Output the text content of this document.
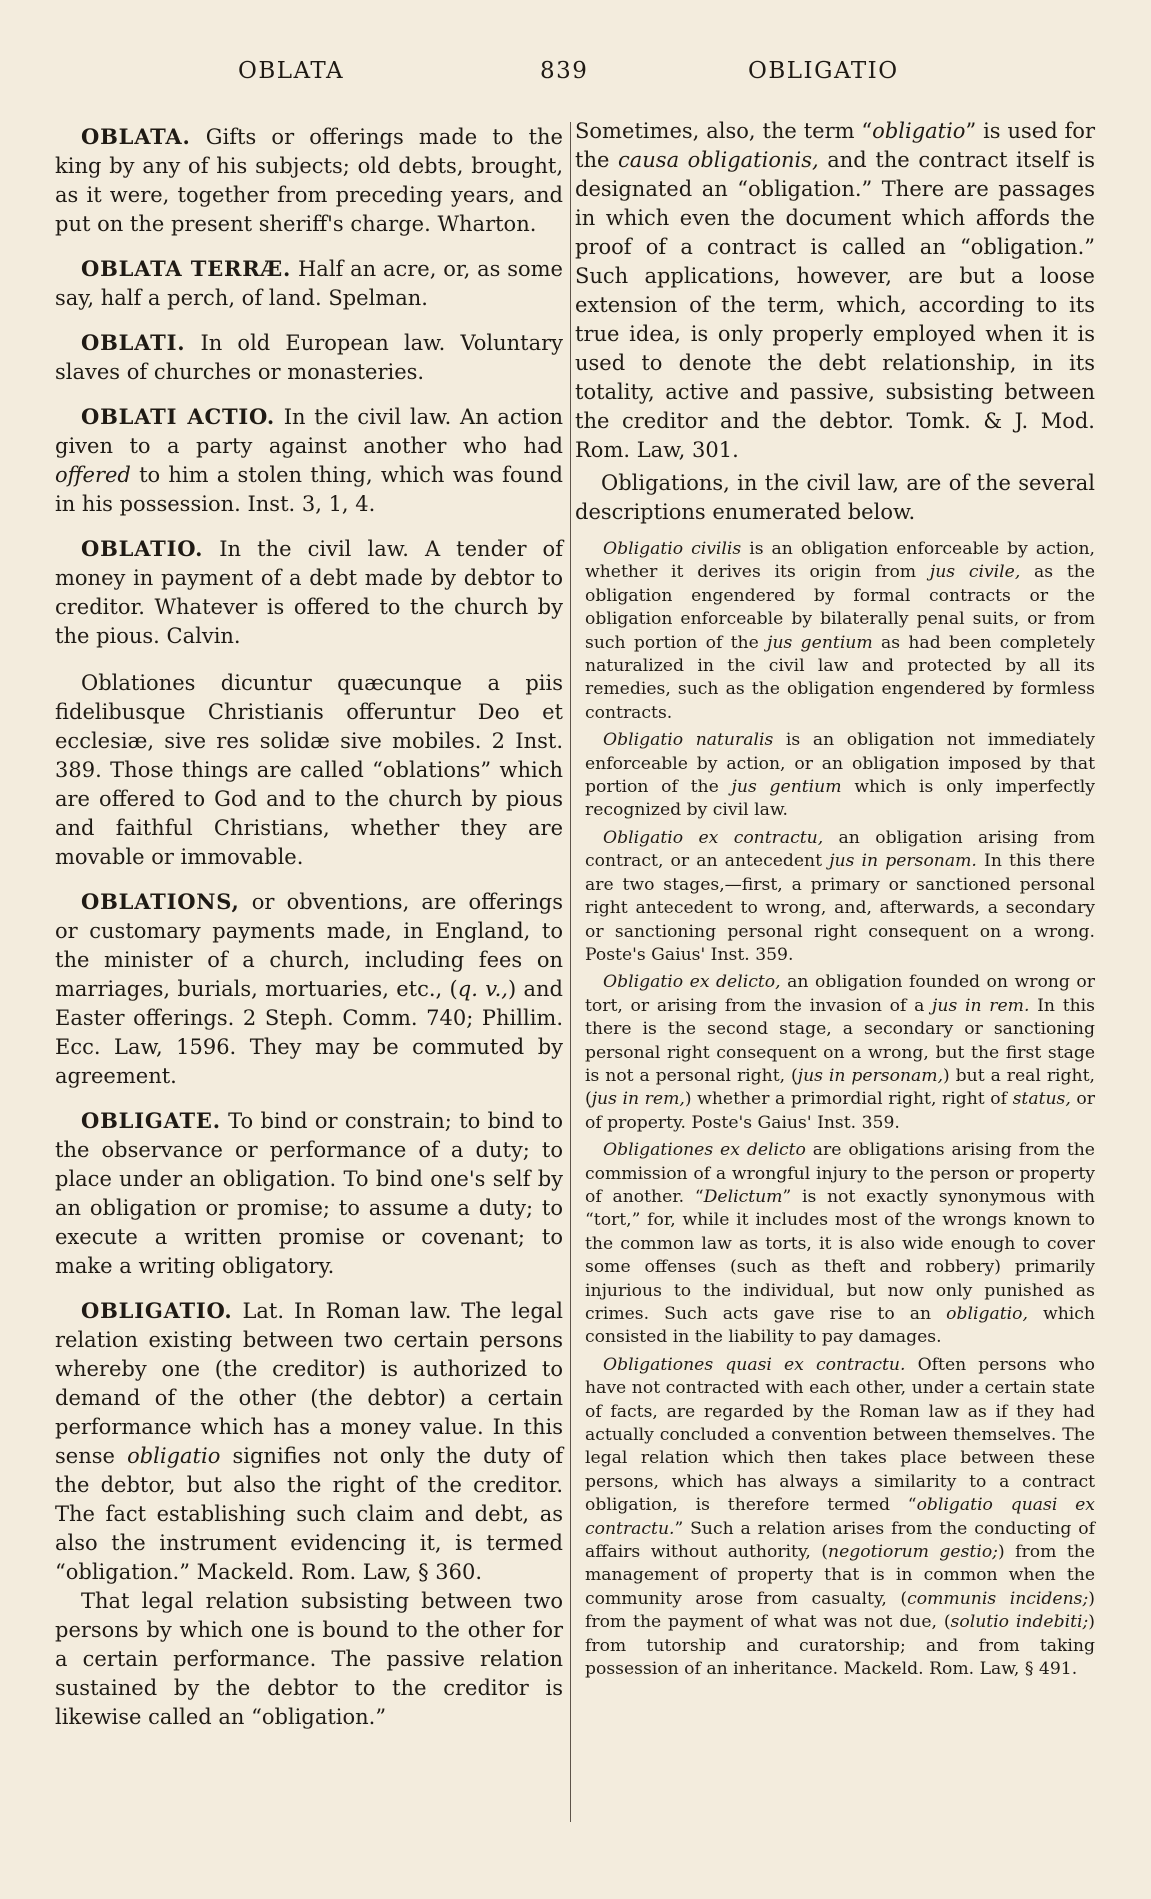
OBLATA	839	OBLIGATIO

OBLATA. Gifts or offerings made to the king by any of his subjects; old debts, brought, as it were, together from preceding years, and put on the present sheriff's charge. Wharton.

OBLATA TERRÆ. Half an acre, or, as some say, half a perch, of land. Spelman.

OBLATI. In old European law. Voluntary slaves of churches or monasteries.

OBLATI ACTIO. In the civil law. An action given to a party against another who had offered to him a stolen thing, which was found in his possession. Inst. 3, 1, 4.

OBLATIO. In the civil law. A tender of money in payment of a debt made by debtor to creditor. Whatever is offered to the church by the pious. Calvin.

Oblationes dicuntur quæcunque a piis fidelibusque Christianis offeruntur Deo et ecclesiæ, sive res solidæ sive mobiles. 2 Inst. 389. Those things are called “oblations” which are offered to God and to the church by pious and faithful Christians, whether they are movable or immovable.

OBLATIONS, or obventions, are offerings or customary payments made, in England, to the minister of a church, including fees on marriages, burials, mortuaries, etc., (q. v.,) and Easter offerings. 2 Steph. Comm. 740; Phillim. Ecc. Law, 1596. They may be commuted by agreement.

OBLIGATE. To bind or constrain; to bind to the observance or performance of a duty; to place under an obligation. To bind one's self by an obligation or promise; to assume a duty; to execute a written promise or covenant; to make a writing obligatory.

OBLIGATIO. Lat. In Roman law. The legal relation existing between two certain persons whereby one (the creditor) is authorized to demand of the other (the debtor) a certain performance which has a money value. In this sense obligatio signifies not only the duty of the debtor, but also the right of the creditor. The fact establishing such claim and debt, as also the instrument evidencing it, is termed “obligation.” Mackeld. Rom. Law, § 360.

That legal relation subsisting between two persons by which one is bound to the other for a certain performance. The passive relation sustained by the debtor to the creditor is likewise called an “obligation.”

Sometimes, also, the term “obligatio” is used for the causa obligationis, and the contract itself is designated an “obligation.” There are passages in which even the document which affords the proof of a contract is called an “obligation.” Such applications, however, are but a loose extension of the term, which, according to its true idea, is only properly employed when it is used to denote the debt relationship, in its totality, active and passive, subsisting between the creditor and the debtor. Tomk. & J. Mod. Rom. Law, 301.

Obligations, in the civil law, are of the several descriptions enumerated below.

Obligatio civilis is an obligation enforceable by action, whether it derives its origin from jus civile, as the obligation engendered by formal contracts or the obligation enforceable by bilaterally penal suits, or from such portion of the jus gentium as had been completely naturalized in the civil law and protected by all its remedies, such as the obligation engendered by formless contracts.

Obligatio naturalis is an obligation not immediately enforceable by action, or an obligation imposed by that portion of the jus gentium which is only imperfectly recognized by civil law.

Obligatio ex contractu, an obligation arising from contract, or an antecedent jus in personam. In this there are two stages,—first, a primary or sanctioned personal right antecedent to wrong, and, afterwards, a secondary or sanctioning personal right consequent on a wrong. Poste's Gaius' Inst. 359.

Obligatio ex delicto, an obligation founded on wrong or tort, or arising from the invasion of a jus in rem. In this there is the second stage, a secondary or sanctioning personal right consequent on a wrong, but the first stage is not a personal right, (jus in personam,) but a real right, (jus in rem,) whether a primordial right, right of status, or of property. Poste's Gaius' Inst. 359.

Obligationes ex delicto are obligations arising from the commission of a wrongful injury to the person or property of another. “Delictum” is not exactly synonymous with “tort,” for, while it includes most of the wrongs known to the common law as torts, it is also wide enough to cover some offenses (such as theft and robbery) primarily injurious to the individual, but now only punished as crimes. Such acts gave rise to an obligatio, which consisted in the liability to pay damages.

Obligationes quasi ex contractu. Often persons who have not contracted with each other, under a certain state of facts, are regarded by the Roman law as if they had actually concluded a convention between themselves. The legal relation which then takes place between these persons, which has always a similarity to a contract obligation, is therefore termed “obligatio quasi ex contractu.” Such a relation arises from the conducting of affairs without authority, (negotiorum gestio;) from the management of property that is in common when the community arose from casualty, (communis incidens;) from the payment of what was not due, (solutio indebiti;) from tutorship and curatorship; and from taking possession of an inheritance. Mackeld. Rom. Law, § 491.
